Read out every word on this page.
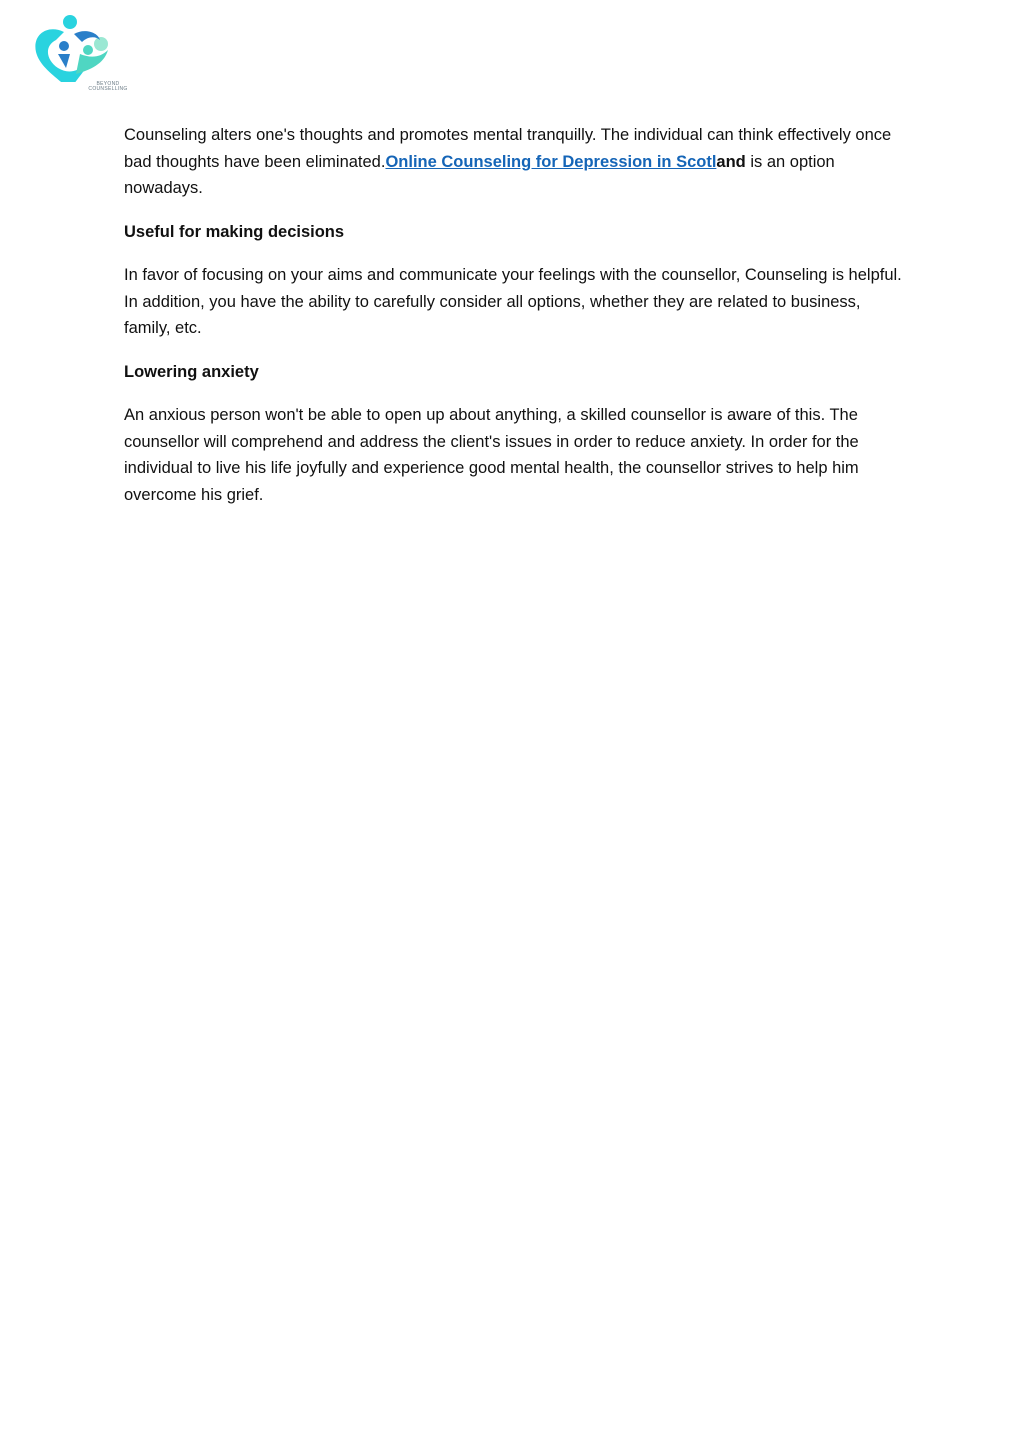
BEYOND
COUNSELLING

Counseling alters one's thoughts and promotes mental tranquilly. The individual can think effectively once bad thoughts have been eliminated.Online Counseling for Depression in Scotland is an option nowadays.

Useful for making decisions

In favor of focusing on your aims and communicate your feelings with the counsellor, Counseling is helpful. In addition, you have the ability to carefully consider all options, whether they are related to business, family, etc.

Lowering anxiety

An anxious person won't be able to open up about anything, a skilled counsellor is aware of this. The counsellor will comprehend and address the client's issues in order to reduce anxiety. In order for the individual to live his life joyfully and experience good mental health, the counsellor strives to help him overcome his grief.
